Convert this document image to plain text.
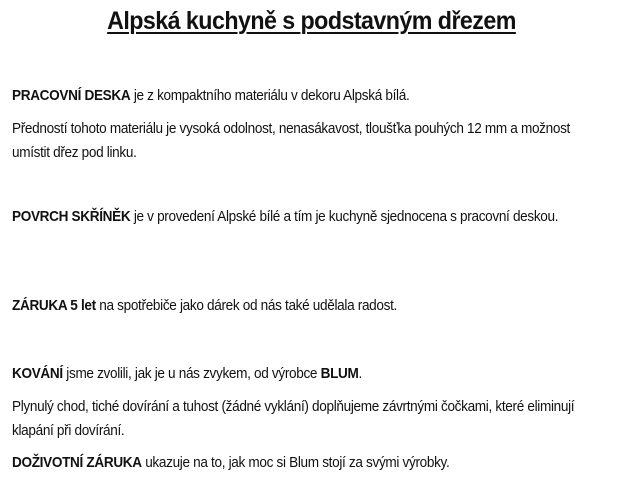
Alpská kuchyně s podstavným dřezem

PRACOVNÍ DESKA je z kompaktního materiálu v dekoru Alpská bílá.

Předností tohoto materiálu je vysoká odolnost, nenasákavost, tloušťka pouhých 12 mm a možnost umístit dřez pod linku.

POVRCH SKŘÍNĚK je v provedení Alpské bílé a tím je kuchyně sjednocena s pracovní deskou.

ZÁRUKA 5 let na spotřebiče jako dárek od nás také udělala radost.

KOVÁNÍ jsme zvolili, jak je u nás zvykem, od výrobce BLUM.

Plynulý chod, tiché dovírání a tuhost (žádné vyklání) doplňujeme závrtnými čočkami, které eliminují klapání při dovírání.

DOŽIVOTNÍ ZÁRUKA ukazuje na to, jak moc si Blum stojí za svými výrobky.
